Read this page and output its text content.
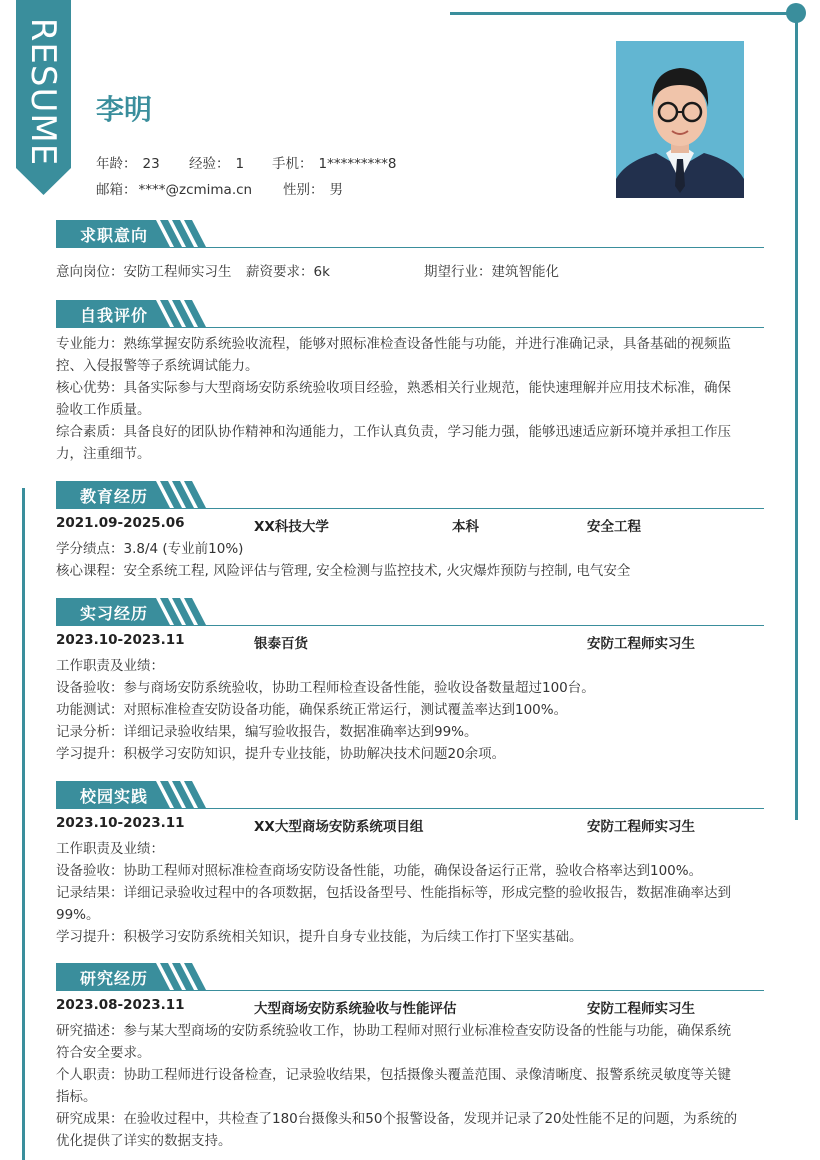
RESUME 李明
年龄： 23 经验： 1 手机： 1*********8
邮箱： ****@zcmima.cn 性别： 男
求职意向
意向岗位：安防工程师实习生 薪资要求：6k	期望行业：建筑智能化
自我评价
专业能力：熟练掌握安防系统验收流程，能够对照标准检查设备性能与功能，并进行准确记录，具备基础的视频监
控、入侵报警等子系统调试能力。
核心优势：具备实际参与大型商场安防系统验收项目经验，熟悉相关行业规范，能快速理解并应用技术标准，确保
验收工作质量。
综合素质：具备良好的团队协作精神和沟通能力，工作认真负责，学习能力强，能够迅速适应新环境并承担工作压
力，注重细节。
教育经历
2021.09-2025.06	XX科技大学	本科	安全工程
学分绩点：3.8/4 (专业前10%)
核心课程：安全系统工程, 风险评估与管理, 安全检测与监控技术, 火灾爆炸预防与控制, 电气安全
实习经历
2023.10-2023.11	银泰百货	安防工程师实习生
工作职责及业绩：
设备验收：参与商场安防系统验收，协助工程师检查设备性能，验收设备数量超过100台。
功能测试：对照标准检查安防设备功能，确保系统正常运行，测试覆盖率达到100%。
记录分析：详细记录验收结果，编写验收报告，数据准确率达到99%。
学习提升：积极学习安防知识，提升专业技能，协助解决技术问题20余项。
校园实践
2023.10-2023.11	XX大型商场安防系统项目组	安防工程师实习生
工作职责及业绩：
设备验收：协助工程师对照标准检查商场安防设备性能，功能，确保设备运行正常，验收合格率达到100%。
记录结果：详细记录验收过程中的各项数据，包括设备型号、性能指标等，形成完整的验收报告，数据准确率达到
99%。
学习提升：积极学习安防系统相关知识，提升自身专业技能，为后续工作打下坚实基础。
研究经历
2023.08-2023.11	大型商场安防系统验收与性能评估	安防工程师实习生
研究描述：参与某大型商场的安防系统验收工作，协助工程师对照行业标准检查安防设备的性能与功能，确保系统
符合安全要求。
个人职责：协助工程师进行设备检查，记录验收结果，包括摄像头覆盖范围、录像清晰度、报警系统灵敏度等关键
指标。
研究成果：在验收过程中，共检查了180台摄像头和50个报警设备，发现并记录了20处性能不足的问题，为系统的
优化提供了详实的数据支持。
